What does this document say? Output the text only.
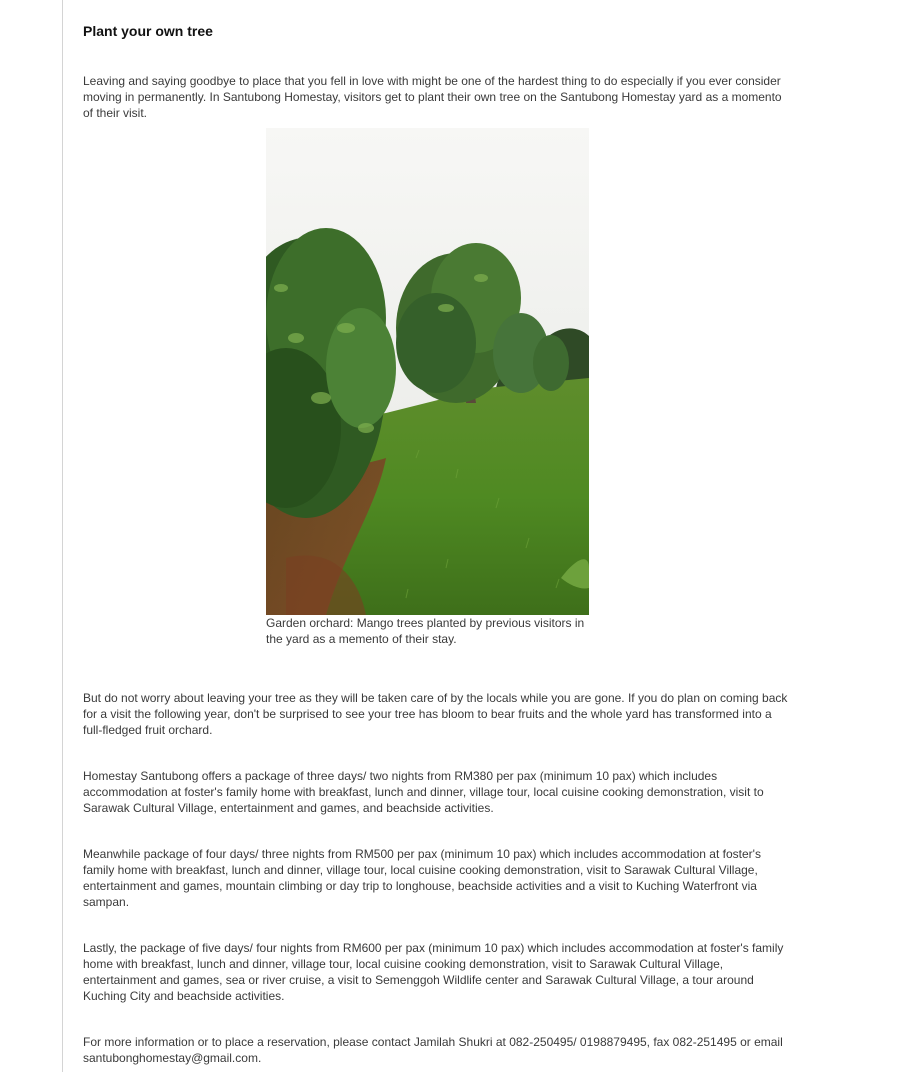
Plant your own tree

Leaving and saying goodbye to place that you fell in love with might be one of the hardest thing to do especially if you ever consider moving in permanently. In Santubong Homestay, visitors get to plant their own tree on the Santubong Homestay yard as a momento of their visit.

Garden orchard: Mango trees planted by previous visitors in the yard as a memento of their stay.

But do not worry about leaving your tree as they will be taken care of by the locals while you are gone. If you do plan on coming back for a visit the following year, don't be surprised to see your tree has bloom to bear fruits and the whole yard has transformed into a full-fledged fruit orchard.

Homestay Santubong offers a package of three days/ two nights from RM380 per pax (minimum 10 pax) which includes accommodation at foster's family home with breakfast, lunch and dinner, village tour, local cuisine cooking demonstration, visit to Sarawak Cultural Village, entertainment and games, and beachside activities.

Meanwhile package of four days/ three nights from RM500 per pax (minimum 10 pax) which includes accommodation at foster's family home with breakfast, lunch and dinner, village tour, local cuisine cooking demonstration, visit to Sarawak Cultural Village, entertainment and games, mountain climbing or day trip to longhouse, beachside activities and a visit to Kuching Waterfront via sampan.

Lastly, the package of five days/ four nights from RM600 per pax (minimum 10 pax) which includes accommodation at foster's family home with breakfast, lunch and dinner, village tour, local cuisine cooking demonstration, visit to Sarawak Cultural Village, entertainment and games, sea or river cruise, a visit to Semenggoh Wildlife center and Sarawak Cultural Village, a tour around Kuching City and beachside activities.

For more information or to place a reservation, please contact Jamilah Shukri at 082-250495/ 0198879495, fax 082-251495 or email santubonghomestay@gmail.com.
